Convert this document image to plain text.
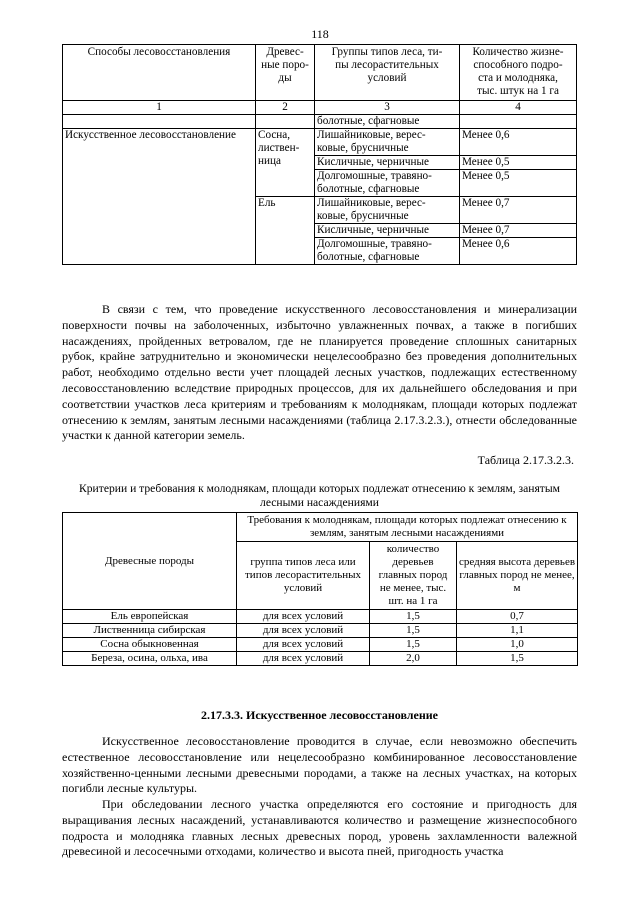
118
Способы лесовосстановления	Древес-
ные поро-
ды	Группы типов леса, ти-
пы лесорастительных
условий	Количество жизне-
способного подро-
ста и молодняка,
тыс. штук на 1 га
1	2	3	4
		болотные, сфагновые	
Искусственное лесовосстановление	Сосна,
листвен-
ница	Лишайниковые, верес-
ковые, брусничные	Менее 0,6
		Кисличные, черничные	Менее 0,5
		Долгомошные, травяно-
болотные, сфагновые	Менее 0,5
	Ель	Лишайниковые, верес-
ковые, брусничные	Менее 0,7
		Кисличные, черничные	Менее 0,7
		Долгомошные, травяно-
болотные, сфагновые	Менее 0,6

В связи с тем, что проведение искусственного лесовосстановления и минерализации поверхности почвы на заболоченных, избыточно увлажненных почвах, а также в погибших насаждениях, пройденных ветровалом, где не планируется проведение сплошных санитарных рубок, крайне затруднительно и экономически нецелесообразно без проведения дополнительных работ, необходимо отдельно вести учет площадей лесных участков, подлежащих естественному лесовосстановлению вследствие природных процессов, для их дальнейшего обследования и при соответствии участков леса критериям и требованиям к молоднякам, площади которых подлежат отнесению к землям, занятым лесными насаждениями (таблица 2.17.3.2.3.), отнести обследованные участки к данной категории земель.

Таблица 2.17.3.2.3.
Критерии и требования к молоднякам, площади которых подлежат отнесению к землям, занятым лесными насаждениями
Древесные породы	Требования к молоднякам, площади которых подлежат отнесению к землям, занятым лесными насаждениями		
	группа типов леса или типов лесорастительных условий	количество деревьев главных пород не менее, тыс. шт. на 1 га	средняя высота деревьев главных пород не менее, м
Ель европейская	для всех условий	1,5	0,7
Лиственница сибирская	для всех условий	1,5	1,1
Сосна обыкновенная	для всех условий	1,5	1,0
Береза, осина, ольха, ива	для всех условий	2,0	1,5
2.17.3.3. Искусственное лесовосстановление

Искусственное лесовосстановление проводится в случае, если невозможно обеспечить естественное лесовосстановление или нецелесообразно комбинированное лесовосстановление хозяйственно-ценными лесными древесными породами, а также на лесных участках, на которых погибли лесные культуры.

При обследовании лесного участка определяются его состояние и пригодность для выращивания лесных насаждений, устанавливаются количество и размещение жизнеспособного подроста и молодняка главных лесных древесных пород, уровень захламленности валежной древесиной и лесосечными отходами, количество и высота пней, пригодность участка
